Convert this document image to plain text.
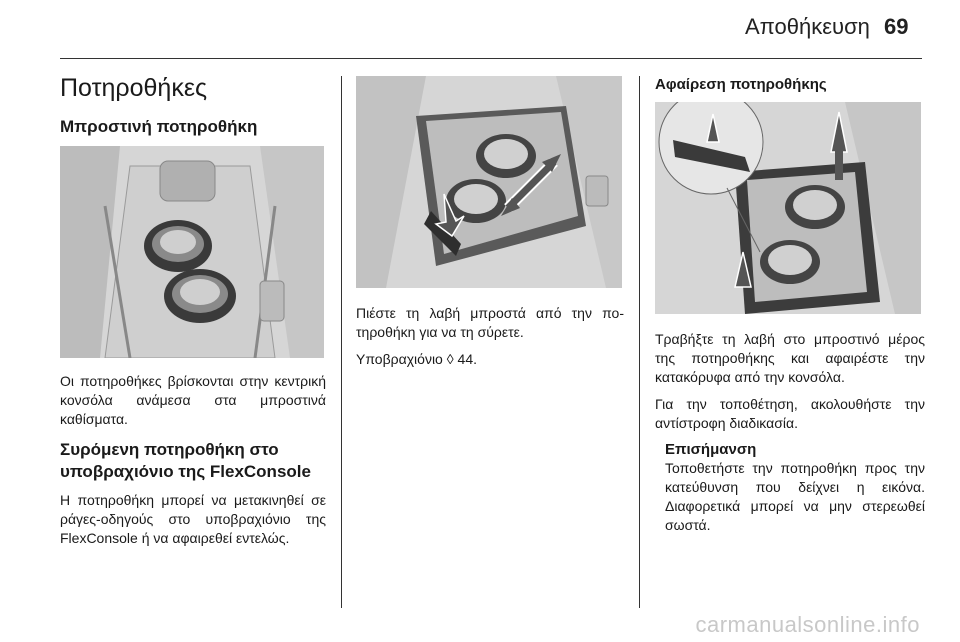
Αποθήκευση 69
Ποτηροθήκες
Μπροστινή ποτηροθήκη
Οι ποτηροθήκες βρίσκονται στην κεντρική κονσόλα ανάμεσα στα μπροστινά καθίσματα.
Συρόμενη ποτηροθήκη στο υποβραχιόνιο της FlexConsole
Η ποτηροθήκη μπορεί να μετακινηθεί σε ράγες-οδηγούς στο υποβραχιόνιο της FlexConsole ή να αφαιρεθεί εντελώς.
Πιέστε τη λαβή μπροστά από την ποτηροθήκη για να τη σύρετε.
Υποβραχιόνιο ◊ 44.
Αφαίρεση ποτηροθήκης
Τραβήξτε τη λαβή στο μπροστινό μέρος της ποτηροθήκης και αφαιρέστε την κατακόρυφα από την κονσόλα.
Για την τοποθέτηση, ακολουθήστε την αντίστροφη διαδικασία.
Επισήμανση
Τοποθετήστε την ποτηροθήκη προς την κατεύθυνση που δείχνει η εικόνα. Διαφορετικά μπορεί να μην στερεωθεί σωστά.
carmanualsonline.info
